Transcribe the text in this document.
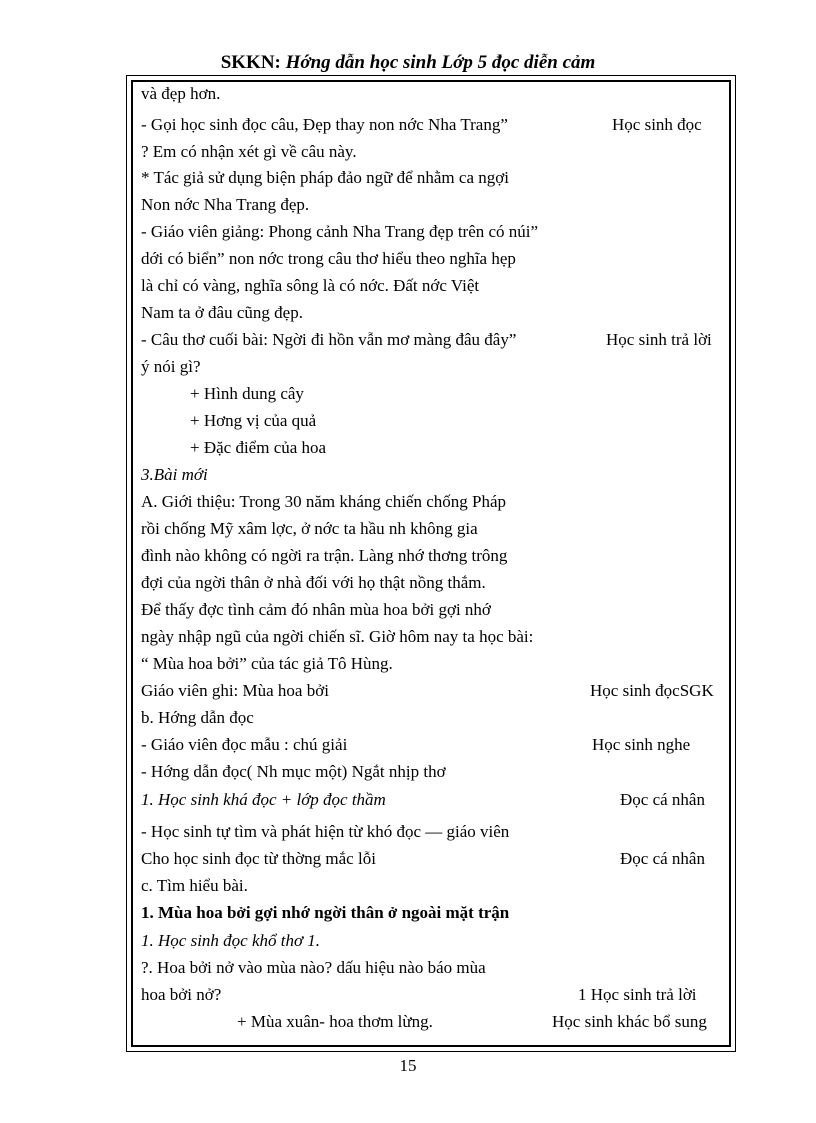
SKKN: Hớng dẫn học sinh Lớp 5 đọc diễn cảm
và đẹp hơn.
- Gọi học sinh đọc câu, Đẹp thay non nớc Nha Trang”
? Em có nhận xét gì về câu này.
* Tác giả sử dụng biện pháp đảo ngữ để nhằm ca ngợi
Non nớc Nha Trang đẹp.
- Giáo viên giảng: Phong cảnh Nha Trang đẹp trên có núi”
dới có biển” non nớc trong câu thơ hiểu theo nghĩa hẹp
là chỉ có vàng, nghĩa sông là có nớc. Đất nớc Việt
Nam ta ở đâu cũng đẹp.
- Câu thơ cuối bài: Ngời đi hồn vẫn mơ màng đâu đây”
ý nói gì?
+ Hình dung cây
+ Hơng vị của quả
+ Đặc điểm của hoa
3.Bài mới
A. Giới thiệu: Trong 30 năm kháng chiến chống Pháp
rồi chống Mỹ xâm lợc, ở nớc ta hầu nh không gia
đình nào không có ngời ra trận. Làng nhớ thơng trông
đợi của ngời thân ở nhà đối với họ thật nồng thắm.
Để thấy đợc tình cảm đó nhân mùa hoa bởi gợi nhớ
ngày nhập ngũ của ngời chiến sĩ. Giờ hôm nay ta học bài:
“ Mùa hoa bởi” của tác giả Tô Hùng.
Giáo viên ghi: Mùa hoa bởi
b. Hớng dẫn đọc
- Giáo viên đọc mẫu : chú giải
- Hớng dẫn đọc( Nh mục một) Ngắt nhịp thơ
1. Học sinh khá đọc + lớp đọc thầm
- Học sinh tự tìm và phát hiện từ khó đọc — giáo viên
Cho học sinh đọc từ thờng mắc lỗi
c. Tìm hiểu bài.
1. Mùa hoa bởi gợi nhớ ngời thân ở ngoài mặt trận
1. Học sinh đọc khổ thơ 1.
?. Hoa bởi nở vào mùa nào? dấu hiệu nào báo mùa
hoa bởi nở?
+ Mùa xuân- hoa thơm lừng.
Học sinh đọc
Học sinh trả lời
Học sinh đọcSGK
Học sinh nghe
Đọc cá nhân
Đọc cá nhân
1 Học sinh trả lời
Học sinh khác bổ sung
15
